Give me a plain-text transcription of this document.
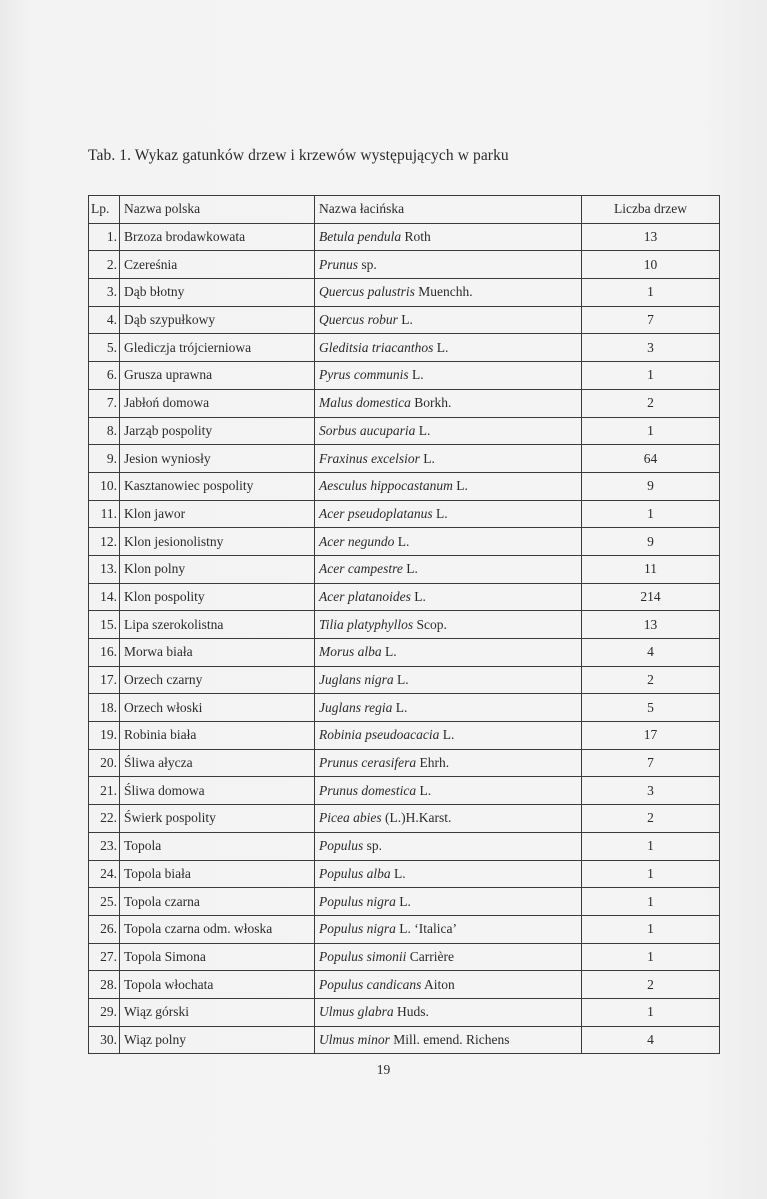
Tab. 1. Wykaz gatunków drzew i krzewów występujących w parku
Lp.	Nazwa polska	Nazwa łacińska	Liczba drzew
1.	Brzoza brodawkowata	Betula pendula Roth	13
2.	Czereśnia	Prunus sp.	10
3.	Dąb błotny	Quercus palustris Muenchh.	1
4.	Dąb szypułkowy	Quercus robur L.	7
5.	Glediczja trójcierniowa	Gleditsia triacanthos L.	3
6.	Grusza uprawna	Pyrus communis L.	1
7.	Jabłoń domowa	Malus domestica Borkh.	2
8.	Jarząb pospolity	Sorbus aucuparia L.	1
9.	Jesion wyniosły	Fraxinus excelsior L.	64
10.	Kasztanowiec pospolity	Aesculus hippocastanum L.	9
11.	Klon jawor	Acer pseudoplatanus L.	1
12.	Klon jesionolistny	Acer negundo L.	9
13.	Klon polny	Acer campestre L.	11
14.	Klon pospolity	Acer platanoides L.	214
15.	Lipa szerokolistna	Tilia platyphyllos Scop.	13
16.	Morwa biała	Morus alba L.	4
17.	Orzech czarny	Juglans nigra L.	2
18.	Orzech włoski	Juglans regia L.	5
19.	Robinia biała	Robinia pseudoacacia L.	17
20.	Śliwa ałycza	Prunus cerasifera Ehrh.	7
21.	Śliwa domowa	Prunus domestica L.	3
22.	Świerk pospolity	Picea abies (L.)H.Karst.	2
23.	Topola	Populus sp.	1
24.	Topola biała	Populus alba L.	1
25.	Topola czarna	Populus nigra L.	1
26.	Topola czarna odm. włoska	Populus nigra L. ‘Italica’	1
27.	Topola Simona	Populus simonii Carrière	1
28.	Topola włochata	Populus candicans Aiton	2
29.	Wiąz górski	Ulmus glabra Huds.	1
30.	Wiąz polny	Ulmus minor Mill. emend. Richens	4
19
